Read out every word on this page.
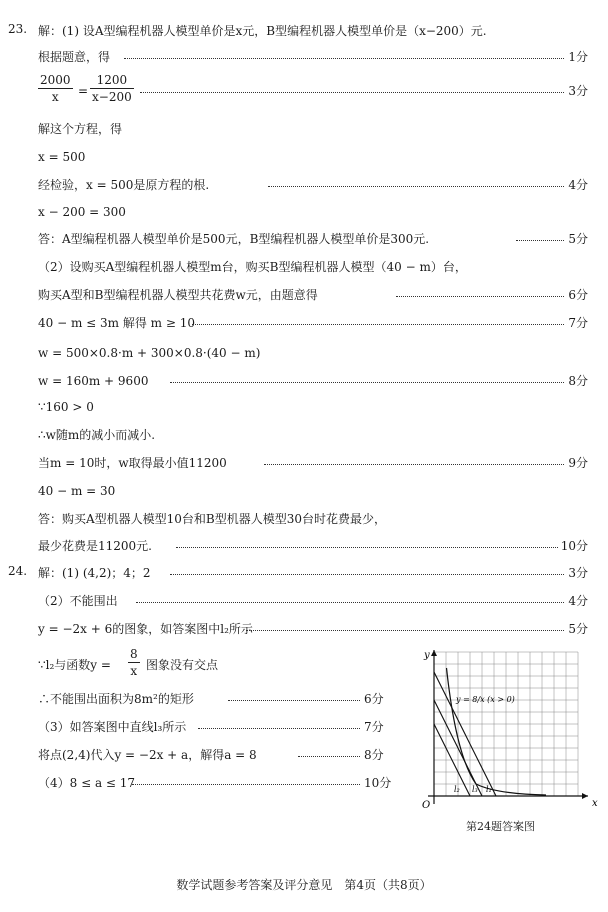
23. 解：(1) 设A型编程机器人模型单价是x元，B型编程机器人模型单价是（x−200）元.
根据题意，得	1分
$\frac{2000}{x} = \frac{1200}{x-200}$	3分
解这个方程，得
x = 500
经检验，x = 500是原方程的根.	4分
x − 200 = 300
答：A型编程机器人模型单价是500元，B型编程机器人模型单价是300元.	5分
（2）设购买A型编程机器人模型m台，购买B型编程机器人模型（40 − m）台，
购买A型和B型编程机器人模型共花费w元，由题意得	6分
40 − m ≤ 3m 解得 m ≥ 10	7分
w = 500×0.8·m + 300×0.8·(40 − m)
w = 160m + 9600	8分
∵160 > 0
∴w随m的减小而减小.
当m = 10时，w取得最小值11200	9分
40 − m = 30
答：购买A型机器人模型10台和B型机器人模型30台时花费最少，
最少花费是11200元.	10分
24. 解：(1) (4,2)；4；2	3分
（2）不能围出	4分
y = −2x + 6的图象，如答案图中l₂所示	5分
∵l₂与函数$y = \frac{8}{x}$ 图象没有交点
∴不能围出面积为8m²的矩形	6分
（3）如答案图中直线l₃所示	7分
将点(2,4)代入y = −2x + a，解得a = 8	8分
（4）8 ≤ a ≤ 17	10分
x
y
O
y = 8/x (x > 0)
l₂ l₃ l₁
第24题答案图
数学试题参考答案及评分意见　第4页（共8页）
